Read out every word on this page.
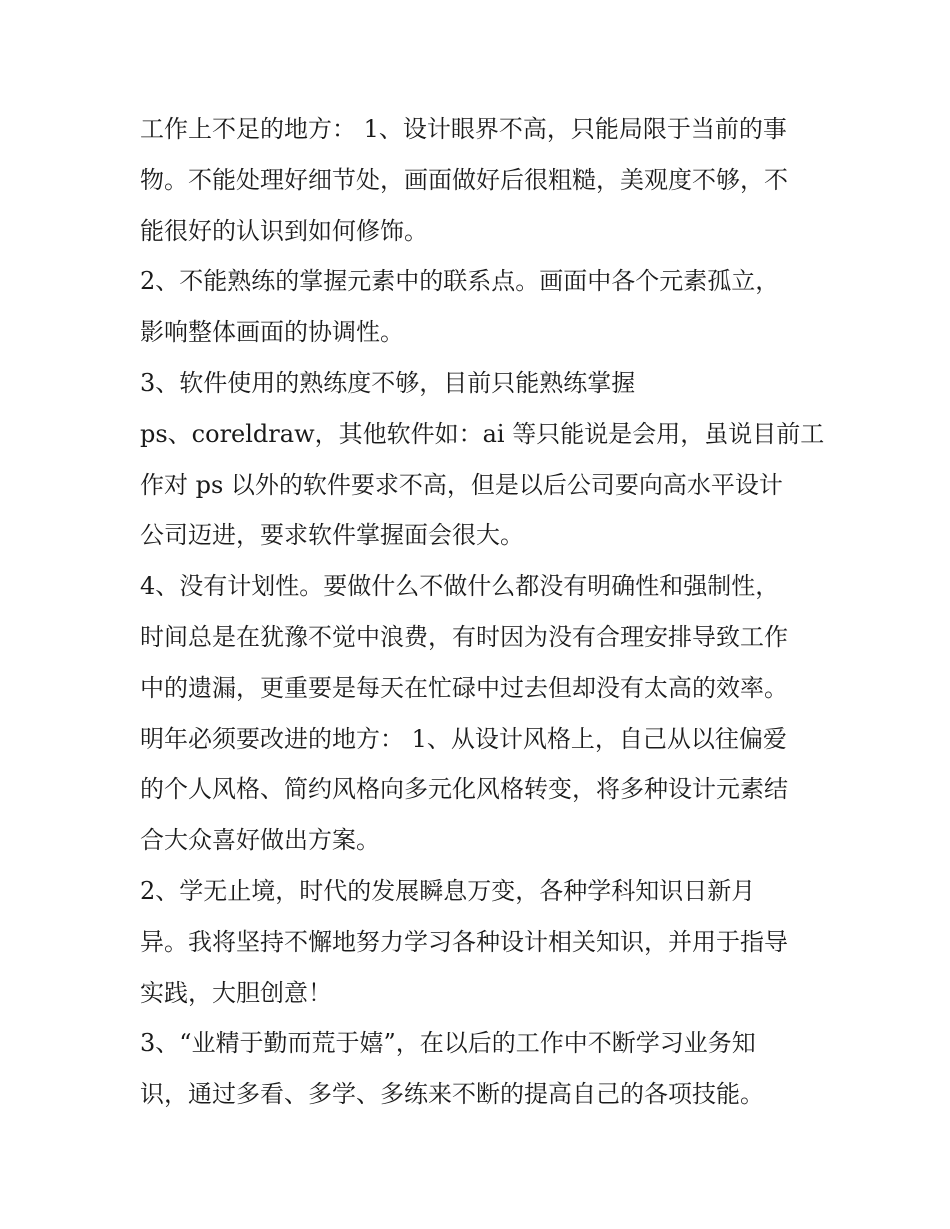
工作上不足的地方： 1、设计眼界不高，只能局限于当前的事

物。不能处理好细节处，画面做好后很粗糙，美观度不够，不

能很好的认识到如何修饰。

2、不能熟练的掌握元素中的联系点。画面中各个元素孤立，

影响整体画面的协调性。

3、软件使用的熟练度不够，目前只能熟练掌握

ps、coreldraw，其他软件如：ai 等只能说是会用，虽说目前工

作对 ps 以外的软件要求不高，但是以后公司要向高水平设计

公司迈进，要求软件掌握面会很大。

4、没有计划性。要做什么不做什么都没有明确性和强制性，

时间总是在犹豫不觉中浪费，有时因为没有合理安排导致工作

中的遗漏，更重要是每天在忙碌中过去但却没有太高的效率。

明年必须要改进的地方： 1、从设计风格上，自己从以往偏爱

的个人风格、简约风格向多元化风格转变，将多种设计元素结

合大众喜好做出方案。

2、学无止境，时代的发展瞬息万变，各种学科知识日新月

异。我将坚持不懈地努力学习各种设计相关知识，并用于指导

实践，大胆创意！

3、“业精于勤而荒于嬉”，在以后的工作中不断学习业务知

识，通过多看、多学、多练来不断的提高自己的各项技能。
